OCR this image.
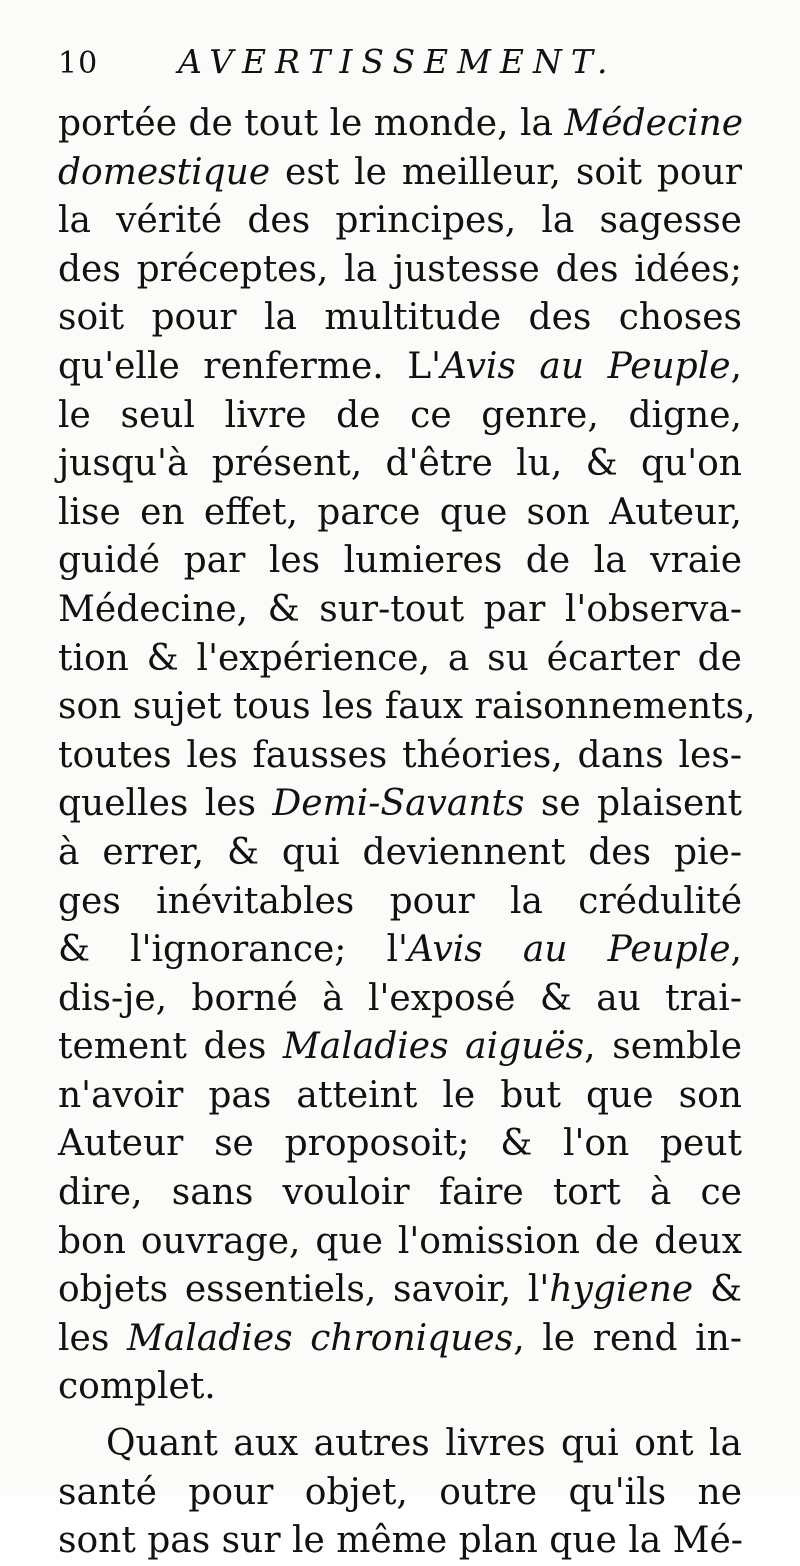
10	AVERTISSEMENT.
portée de tout le monde, la Médecine
domestique est le meilleur, soit pour
la vérité des principes, la sagesse
des préceptes, la justesse des idées;
soit pour la multitude des choses
qu'elle renferme. L'Avis au Peuple,
le seul livre de ce genre, digne,
jusqu'à présent, d'être lu, & qu'on
lise en effet, parce que son Auteur,
guidé par les lumieres de la vraie
Médecine, & sur-tout par l'observa-
tion & l'expérience, a su écarter de
son sujet tous les faux raisonnements,
toutes les fausses théories, dans les-
quelles les Demi-Savants se plaisent
à errer, & qui deviennent des pie-
ges inévitables pour la crédulité
& l'ignorance; l'Avis au Peuple,
dis-je, borné à l'exposé & au trai-
tement des Maladies aiguës, semble
n'avoir pas atteint le but que son
Auteur se proposoit; & l'on peut
dire, sans vouloir faire tort à ce
bon ouvrage, que l'omission de deux
objets essentiels, savoir, l'hygiene &
les Maladies chroniques, le rend in-
complet.
Quant aux autres livres qui ont la
santé pour objet, outre qu'ils ne
sont pas sur le même plan que la Mé-
